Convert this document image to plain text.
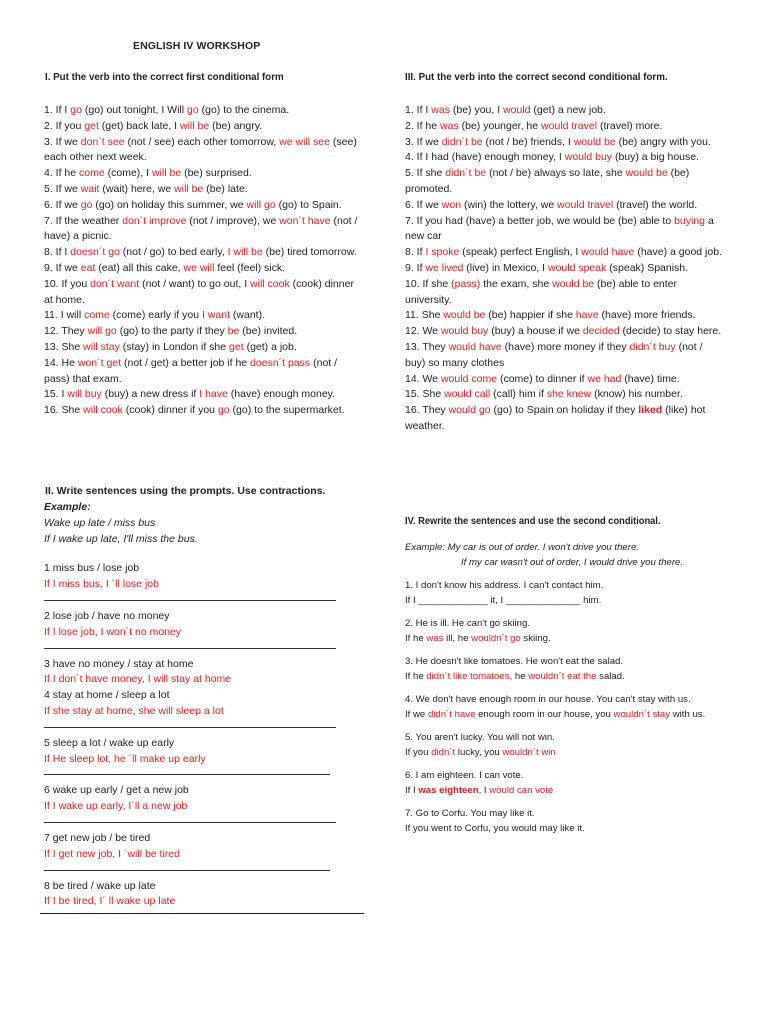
ENGLISH IV WORKSHOP
I. Put the verb into the correct first conditional form

1. If I go (go) out tonight, I Will go (go) to the cinema.

2. If you get (get) back late, I will be (be) angry.

3. If we don´t see (not / see) each other tomorrow, we will see (see) each other next week.

4. If he come (come), I will be (be) surprised.

5. If we wait (wait) here, we will be (be) late.

6. If we go (go) on holiday this summer, we will go (go) to Spain.

7. If the weather don´t improve (not / improve), we won´t have (not / have) a picnic.

8. If I doesn´t go (not / go) to bed early, I will be (be) tired tomorrow.

9. If we eat (eat) all this cake, we will feel (feel) sick.

10. If you don´t want (not / want) to go out, I will cook (cook) dinner at home.

11. I will come (come) early if you I want (want).

12. They will go (go) to the party if they be (be) invited.

13. She will stay (stay) in London if she get (get) a job.

14. He won´t get (not / get) a better job if he doesn´t pass (not / pass) that exam.

15. I will buy (buy) a new dress if I have (have) enough money.

16. She will cook (cook) dinner if you go (go) to the supermarket.

II. Write sentences using the prompts. Use contractions.

Example:

Wake up late / miss bus

If I wake up late, I'll miss the bus.

1 miss bus / lose job

If I miss bus, I ´ll lose job

2 lose job / have no money

If I lose job, I won´t no money

3 have no money / stay at home

If I don´t have money, I will stay at home

4 stay at home / sleep a lot

If she stay at home, she will sleep a lot

5 sleep a lot / wake up early

If He sleep lot, he ´ll make up early

6 wake up early / get a new job

If I wake up early, I´ll a new job

7 get new job / be tired

If I get new job, I ´will be tired

8 be tired / wake up late

If I be tired, I´ ll wake up late

III. Put the verb into the correct second conditional form.

1. If I was (be) you, I would (get) a new job.

2. If he was (be) younger, he would travel (travel) more.

3. If we didn´t be (not / be) friends, I would be (be) angry with you.

4. If I had (have) enough money, I would buy (buy) a big house.

5. If she didn´t be (not / be) always so late, she would be (be) promoted.

6. If we won (win) the lottery, we would travel (travel) the world.

7. If you had (have) a better job, we would be (be) able to buying a new car

8. If I spoke (speak) perfect English, I would have (have) a good job.

9. If we lived (live) in Mexico, I would speak (speak) Spanish.

10. If she (pass) the exam, she would be (be) able to enter university.

11. She would be (be) happier if she have (have) more friends.

12. We would buy (buy) a house if we decided (decide) to stay here.

13. They would have (have) more money if they didn´t buy (not / buy) so many clothes

14. We would come (come) to dinner if we had (have) time.

15. She would call (call) him if she knew (know) his number.

16. They would go (go) to Spain on holiday if they liked (like) hot weather.

IV. Rewrite the sentences and use the second conditional.

Example: My car is out of order. I won't drive you there.

If my car wasn't out of order, I would drive you there.

1. I don't know his address. I can't contact him.

If I _____________ it, I ______________ him.

2. He is ill. He can't go skiing.

If he was ill, he wouldn´t go skiing.

3. He doesn't like tomatoes. He won't eat the salad.

If he didn´t like tomatoes, he wouldn´t eat the salad.

4. We don't have enough room in our house. You can't stay with us.

If we didn´t have enough room in our house, you wouldn´t stay with us.

5. You aren't lucky. You will not win.

If you didn´t lucky, you wouldn´t win

6. I am eighteen. I can vote.

If I was eighteen, I would can vote

7. Go to Corfu. You may like it.

If you went to Corfu, you would may like it.
